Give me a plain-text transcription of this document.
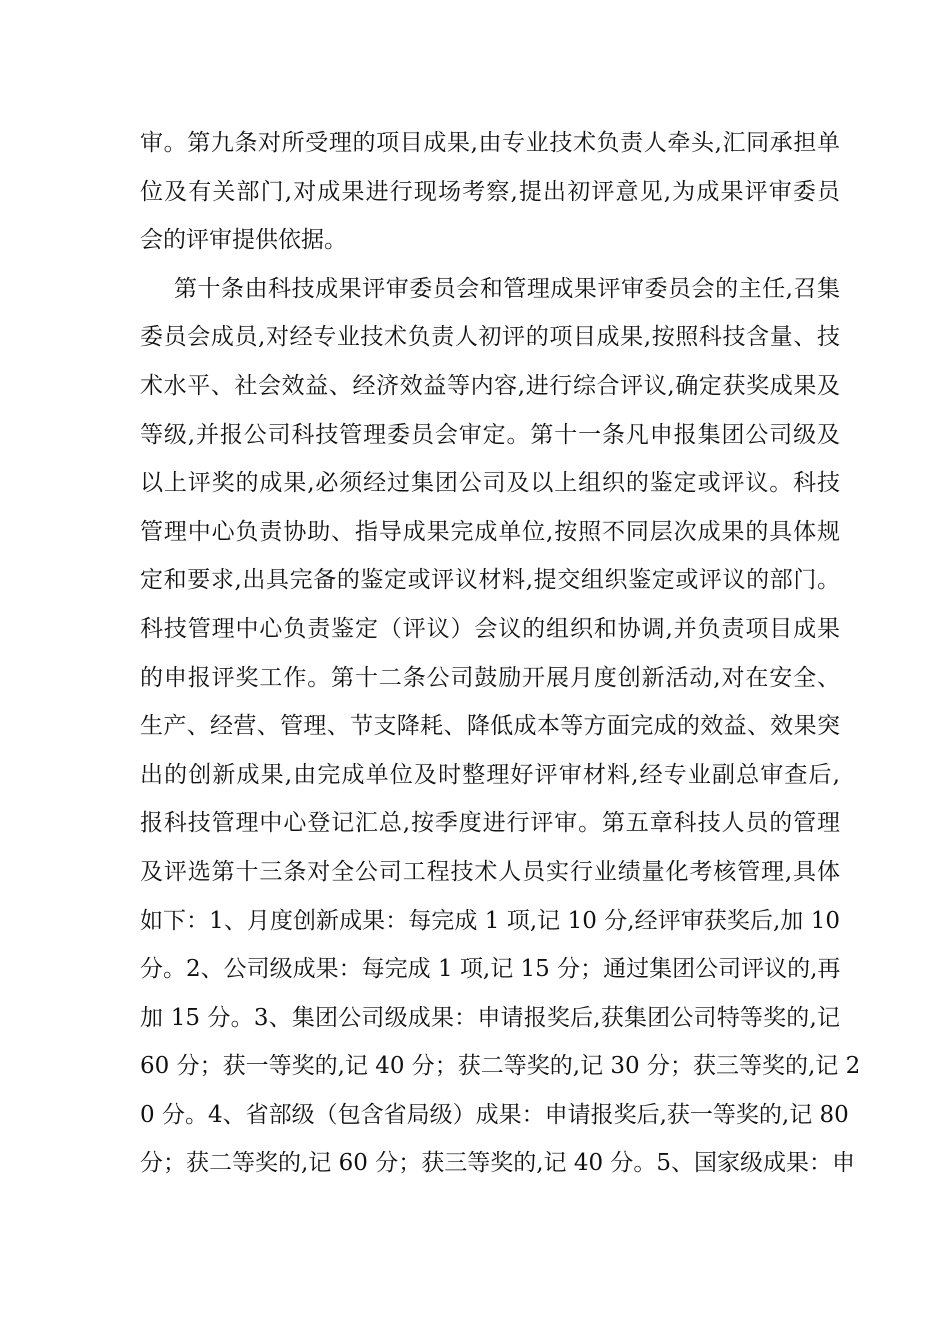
审。第九条对所受理的项目成果,由专业技术负责人牵头,汇同承担单
位及有关部门,对成果进行现场考察,提出初评意见,为成果评审委员
会的评审提供依据。
第十条由科技成果评审委员会和管理成果评审委员会的主任,召集
委员会成员,对经专业技术负责人初评的项目成果,按照科技含量、技
术水平、社会效益、经济效益等内容,进行综合评议,确定获奖成果及
等级,并报公司科技管理委员会审定。第十一条凡申报集团公司级及
以上评奖的成果,必须经过集团公司及以上组织的鉴定或评议。科技
管理中心负责协助、指导成果完成单位,按照不同层次成果的具体规
定和要求,出具完备的鉴定或评议材料,提交组织鉴定或评议的部门。
科技管理中心负责鉴定（评议）会议的组织和协调,并负责项目成果
的申报评奖工作。第十二条公司鼓励开展月度创新活动,对在安全、
生产、经营、管理、节支降耗、降低成本等方面完成的效益、效果突
出的创新成果,由完成单位及时整理好评审材料,经专业副总审查后,
报科技管理中心登记汇总,按季度进行评审。第五章科技人员的管理
及评选第十三条对全公司工程技术人员实行业绩量化考核管理,具体
如下：1、月度创新成果：每完成 1 项,记 10 分,经评审获奖后,加 10
分。2、公司级成果：每完成 1 项,记 15 分；通过集团公司评议的,再
加 15 分。3、集团公司级成果：申请报奖后,获集团公司特等奖的,记
60 分；获一等奖的,记 40 分；获二等奖的,记 30 分；获三等奖的,记 2
0 分。4、省部级（包含省局级）成果：申请报奖后,获一等奖的,记 80
分；获二等奖的,记 60 分；获三等奖的,记 40 分。5、国家级成果：申
